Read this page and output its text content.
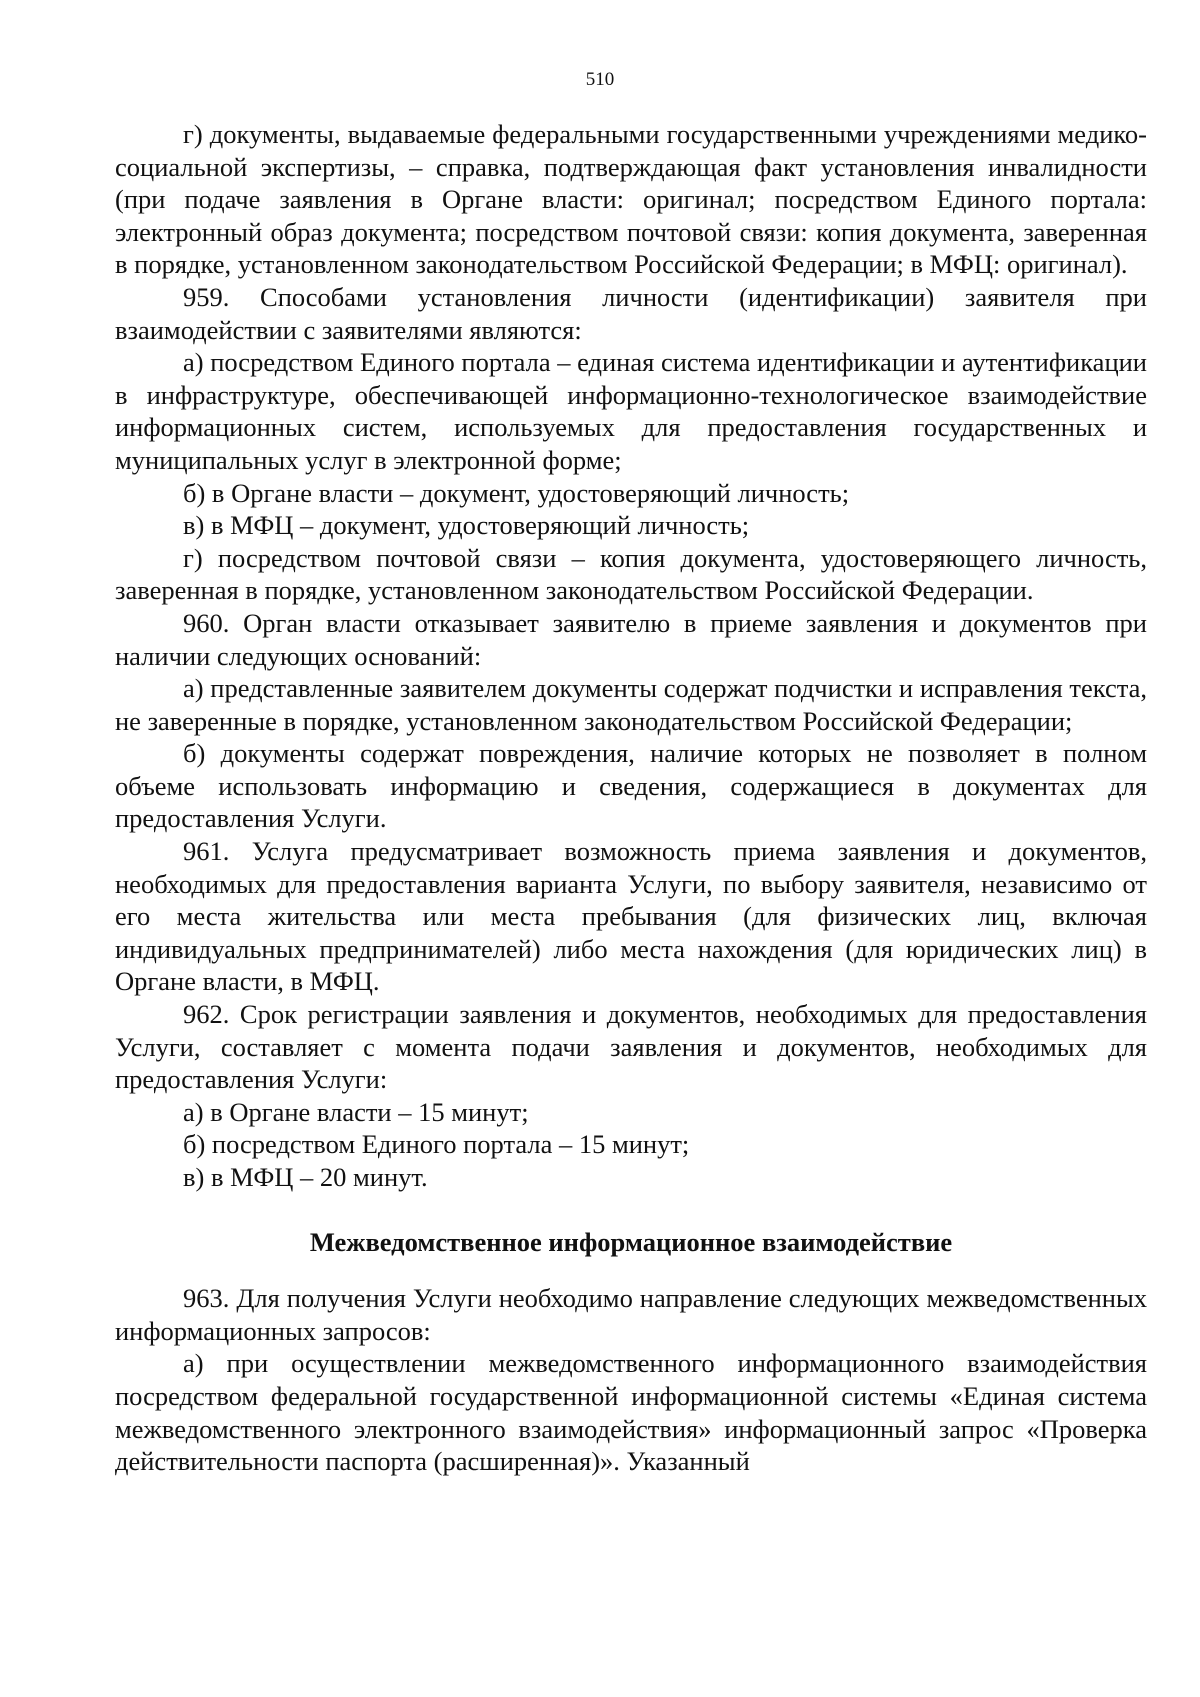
510

г) документы, выдаваемые федеральными государственными учреждениями медико-социальной экспертизы, – справка, подтверждающая факт установления инвалидности (при подаче заявления в Органе власти: оригинал; посредством Единого портала: электронный образ документа; посредством почтовой связи: копия документа, заверенная в порядке, установленном законодательством Российской Федерации; в МФЦ: оригинал).

959. Способами установления личности (идентификации) заявителя при взаимодействии с заявителями являются:

а) посредством Единого портала – единая система идентификации и аутентификации в инфраструктуре, обеспечивающей информационно-технологическое взаимодействие информационных систем, используемых для предоставления государственных и муниципальных услуг в электронной форме;

б) в Органе власти – документ, удостоверяющий личность;

в) в МФЦ – документ, удостоверяющий личность;

г) посредством почтовой связи – копия документа, удостоверяющего личность, заверенная в порядке, установленном законодательством Российской Федерации.

960. Орган власти отказывает заявителю в приеме заявления и документов при наличии следующих оснований:

а) представленные заявителем документы содержат подчистки и исправления текста, не заверенные в порядке, установленном законодательством Российской Федерации;

б) документы содержат повреждения, наличие которых не позволяет в полном объеме использовать информацию и сведения, содержащиеся в документах для предоставления Услуги.

961. Услуга предусматривает возможность приема заявления и документов, необходимых для предоставления варианта Услуги, по выбору заявителя, независимо от его места жительства или места пребывания (для физических лиц, включая индивидуальных предпринимателей) либо места нахождения (для юридических лиц) в Органе власти, в МФЦ.

962. Срок регистрации заявления и документов, необходимых для предоставления Услуги, составляет с момента подачи заявления и документов, необходимых для предоставления Услуги:

а) в Органе власти – 15 минут;

б) посредством Единого портала – 15 минут;

в) в МФЦ – 20 минут.

Межведомственное информационное взаимодействие

963. Для получения Услуги необходимо направление следующих межведомственных информационных запросов:

а) при осуществлении межведомственного информационного взаимодействия посредством федеральной государственной информационной системы «Единая система межведомственного электронного взаимодействия» информационный запрос «Проверка действительности паспорта (расширенная)». Указанный
